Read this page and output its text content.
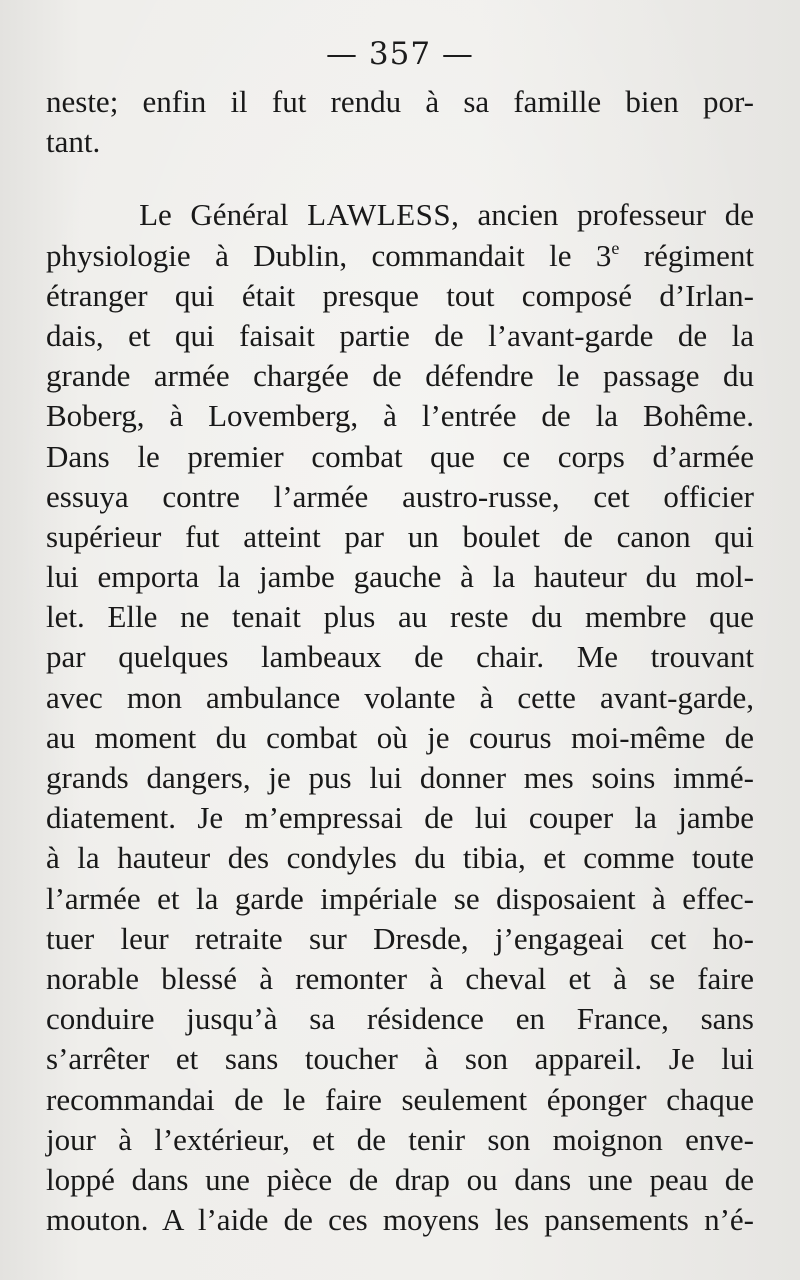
— 357 —
neste; enfin il fut rendu à sa famille bien por-
tant.
Le Général LAWLESS, ancien professeur de
physiologie à Dublin, commandait le 3e régiment
étranger qui était presque tout composé d’Irlan-
dais, et qui faisait partie de l’avant-garde de la
grande armée chargée de défendre le passage du
Boberg, à Lovemberg, à l’entrée de la Bohême.
Dans le premier combat que ce corps d’armée
essuya contre l’armée austro-russe, cet officier
supérieur fut atteint par un boulet de canon qui
lui emporta la jambe gauche à la hauteur du mol-
let. Elle ne tenait plus au reste du membre que
par quelques lambeaux de chair. Me trouvant
avec mon ambulance volante à cette avant-garde,
au moment du combat où je courus moi-même de
grands dangers, je pus lui donner mes soins immé-
diatement. Je m’empressai de lui couper la jambe
à la hauteur des condyles du tibia, et comme toute
l’armée et la garde impériale se disposaient à effec-
tuer leur retraite sur Dresde, j’engageai cet ho-
norable blessé à remonter à cheval et à se faire
conduire jusqu’à sa résidence en France, sans
s’arrêter et sans toucher à son appareil. Je lui
recommandai de le faire seulement éponger chaque
jour à l’extérieur, et de tenir son moignon enve-
loppé dans une pièce de drap ou dans une peau de
mouton. A l’aide de ces moyens les pansements n’é-
